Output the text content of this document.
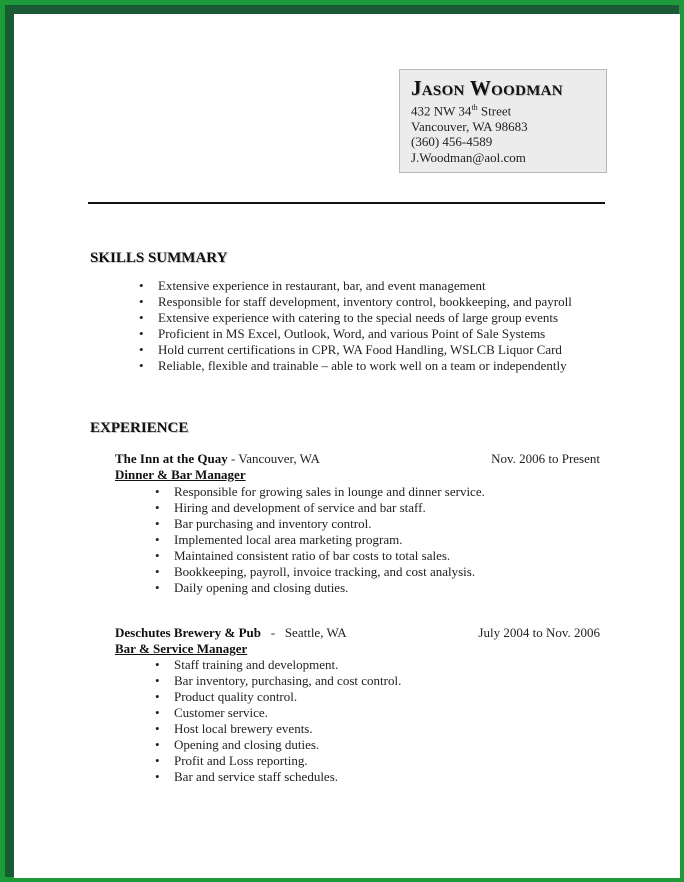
Jason Woodman
432 NW 34th Street
Vancouver, WA 98683
(360) 456-4589
J.Woodman@aol.com
SKILLS SUMMARY
• Extensive experience in restaurant, bar, and event management
• Responsible for staff development, inventory control, bookkeeping, and payroll
• Extensive experience with catering to the special needs of large group events
• Proficient in MS Excel, Outlook, Word, and various Point of Sale Systems
• Hold current certifications in CPR, WA Food Handling, WSLCB Liquor Card
• Reliable, flexible and trainable – able to work well on a team or independently
EXPERIENCE
The Inn at the Quay - Vancouver, WA	Nov. 2006 to Present
Dinner & Bar Manager
• Responsible for growing sales in lounge and dinner service.
• Hiring and development of service and bar staff.
• Bar purchasing and inventory control.
• Implemented local area marketing program.
• Maintained consistent ratio of bar costs to total sales.
• Bookkeeping, payroll, invoice tracking, and cost analysis.
• Daily opening and closing duties.
Deschutes Brewery & Pub   -   Seattle, WA	July 2004 to Nov. 2006
Bar & Service Manager
• Staff training and development.
• Bar inventory, purchasing, and cost control.
• Product quality control.
• Customer service.
• Host local brewery events.
• Opening and closing duties.
• Profit and Loss reporting.
• Bar and service staff schedules.
